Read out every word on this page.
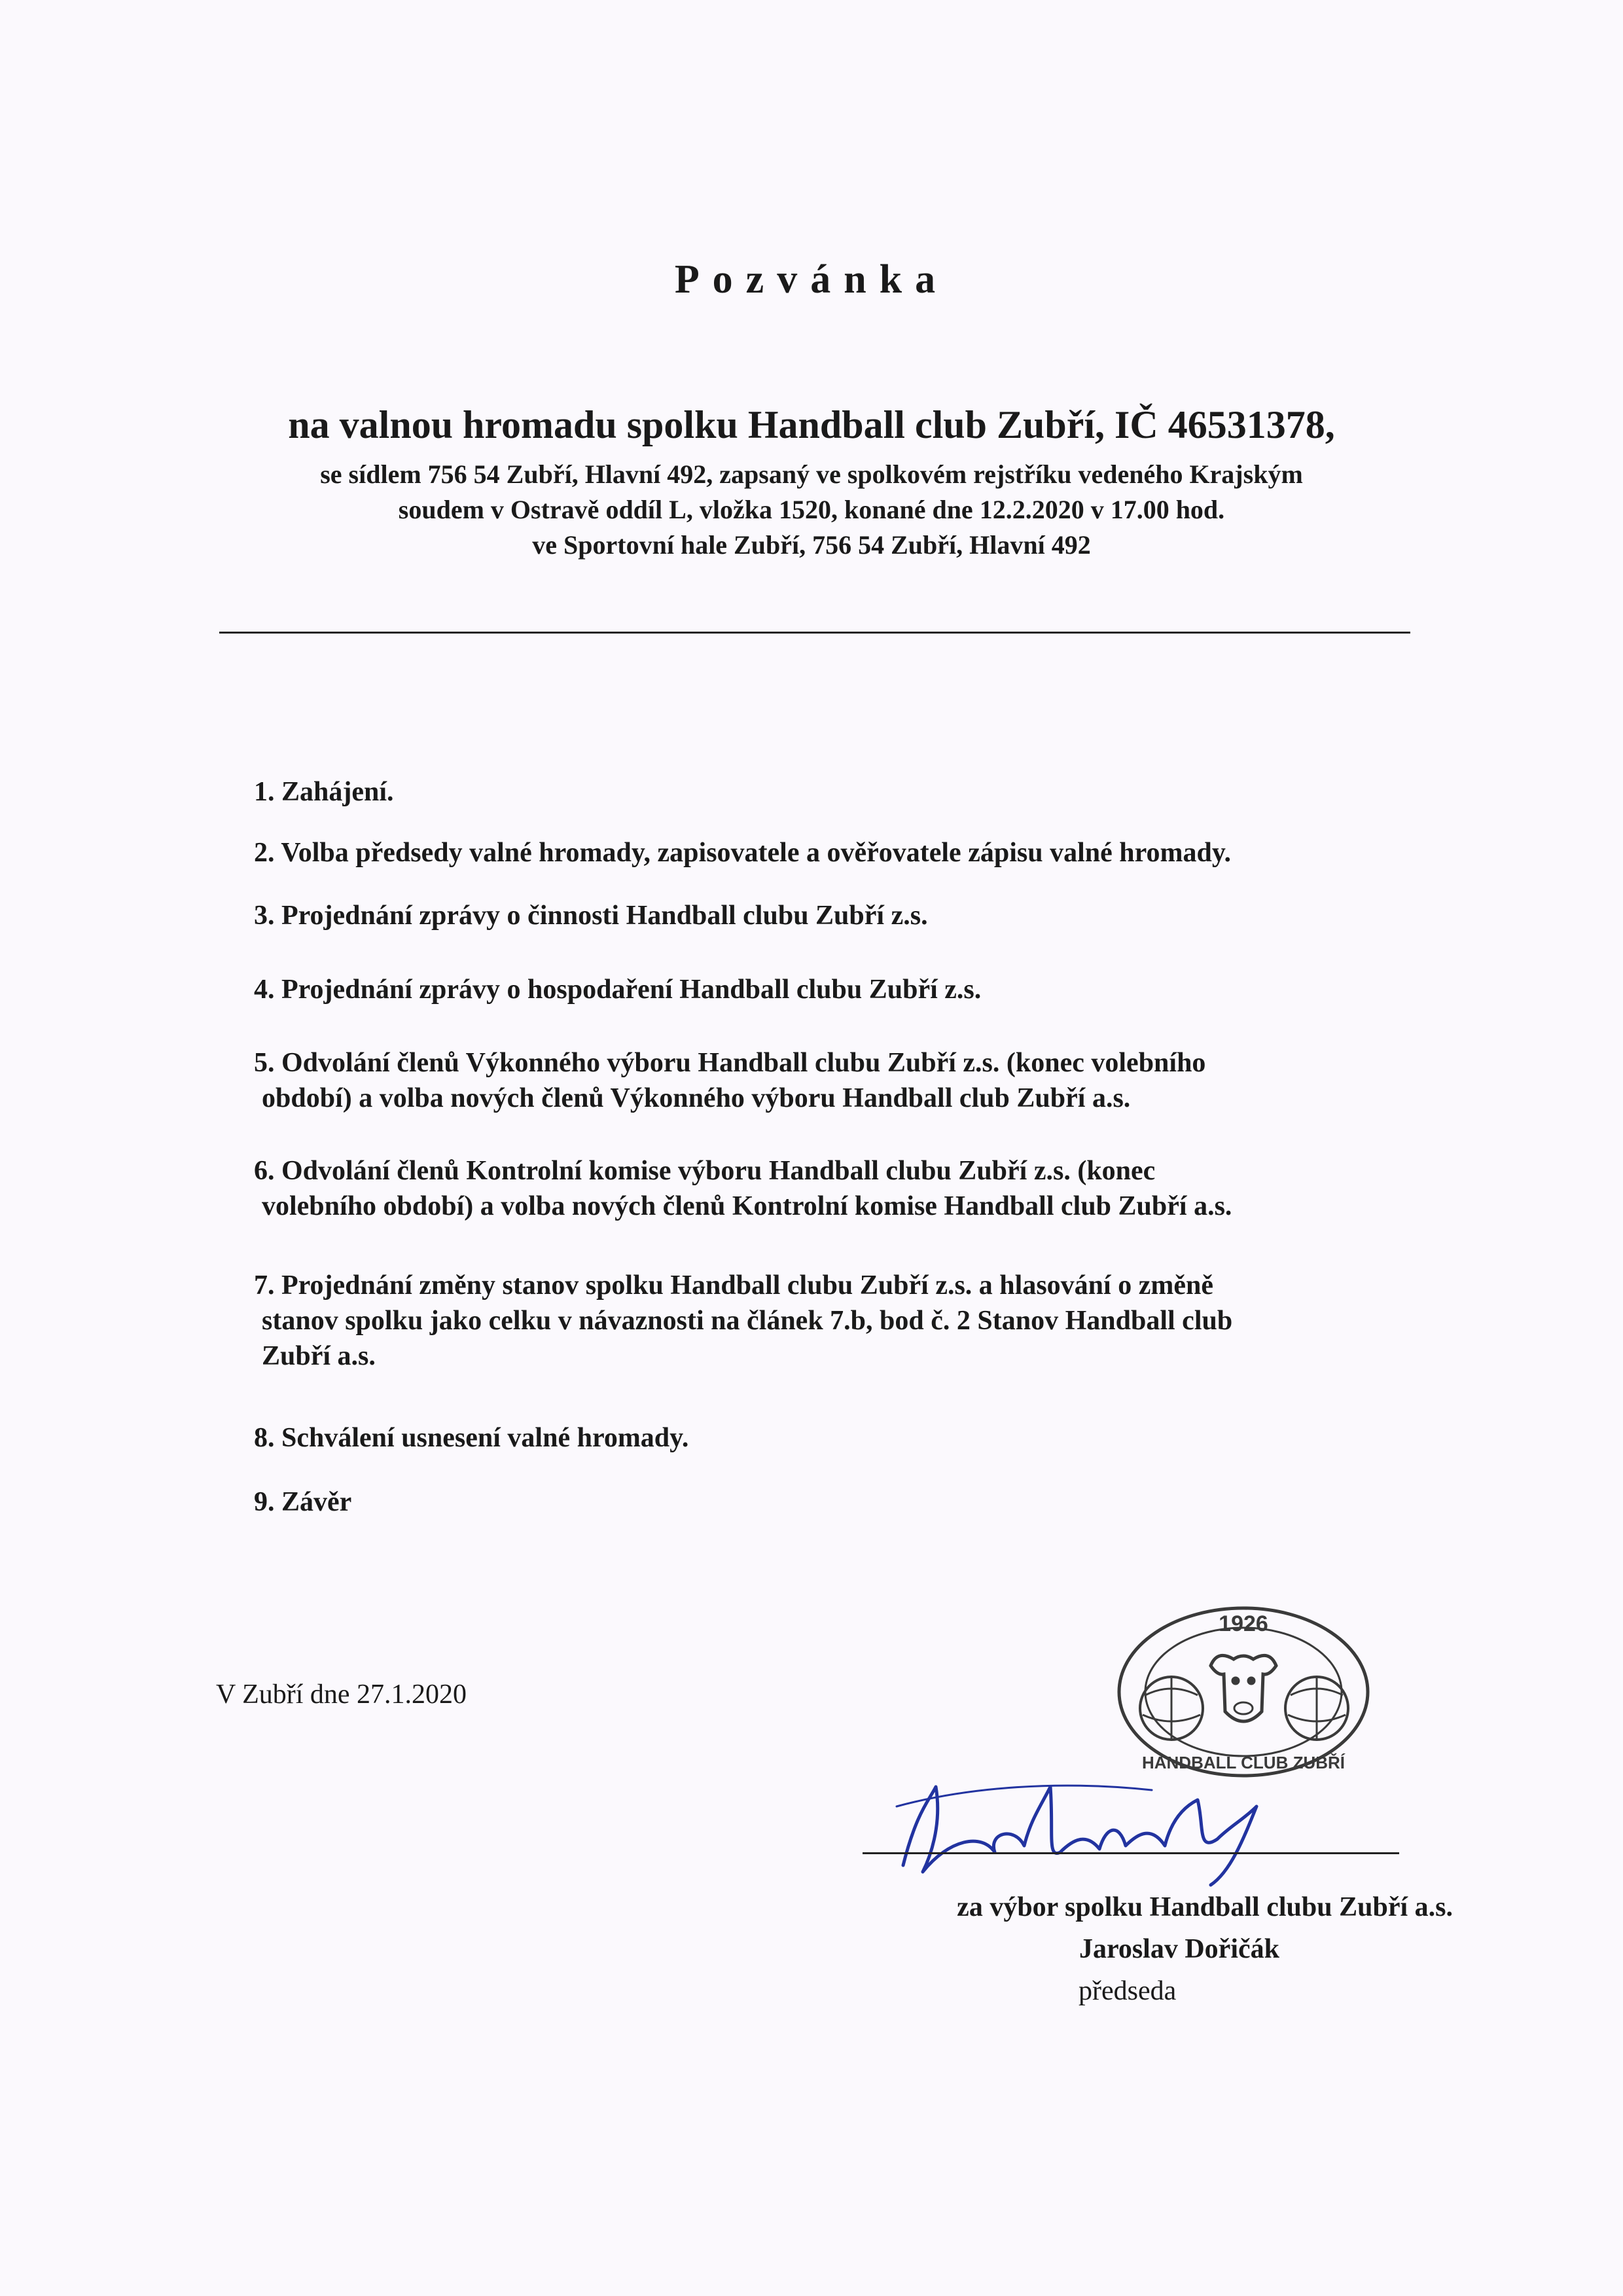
Pozvánka
na valnou hromadu spolku Handball club Zubří, IČ 46531378,
se sídlem 756 54 Zubří, Hlavní 492, zapsaný ve spolkovém rejstříku vedeného Krajským
soudem v Ostravě oddíl L, vložka 1520, konané dne 12.2.2020 v 17.00 hod.
ve Sportovní hale Zubří, 756 54 Zubří, Hlavní 492
1. Zahájení.
2. Volba předsedy valné hromady, zapisovatele a ověřovatele zápisu valné hromady.
3. Projednání zprávy o činnosti Handball clubu Zubří z.s.
4. Projednání zprávy o hospodaření Handball clubu Zubří z.s.
5. Odvolání členů Výkonného výboru Handball clubu Zubří z.s. (konec volebního
období) a volba nových členů Výkonného výboru Handball club Zubří a.s.
6. Odvolání členů Kontrolní komise výboru Handball clubu Zubří z.s. (konec
volebního období) a volba nových členů Kontrolní komise Handball club Zubří a.s.
7. Projednání změny stanov spolku Handball clubu Zubří z.s. a hlasování o změně
stanov spolku jako celku v návaznosti na článek 7.b, bod č. 2 Stanov Handball club
Zubří a.s.
8. Schválení usnesení valné hromady.
9. Závěr
V Zubří dne 27.1.2020
1926
HANDBALL CLUB ZUBŘÍ
za výbor spolku Handball clubu Zubří a.s.
Jaroslav Dořičák
předseda
